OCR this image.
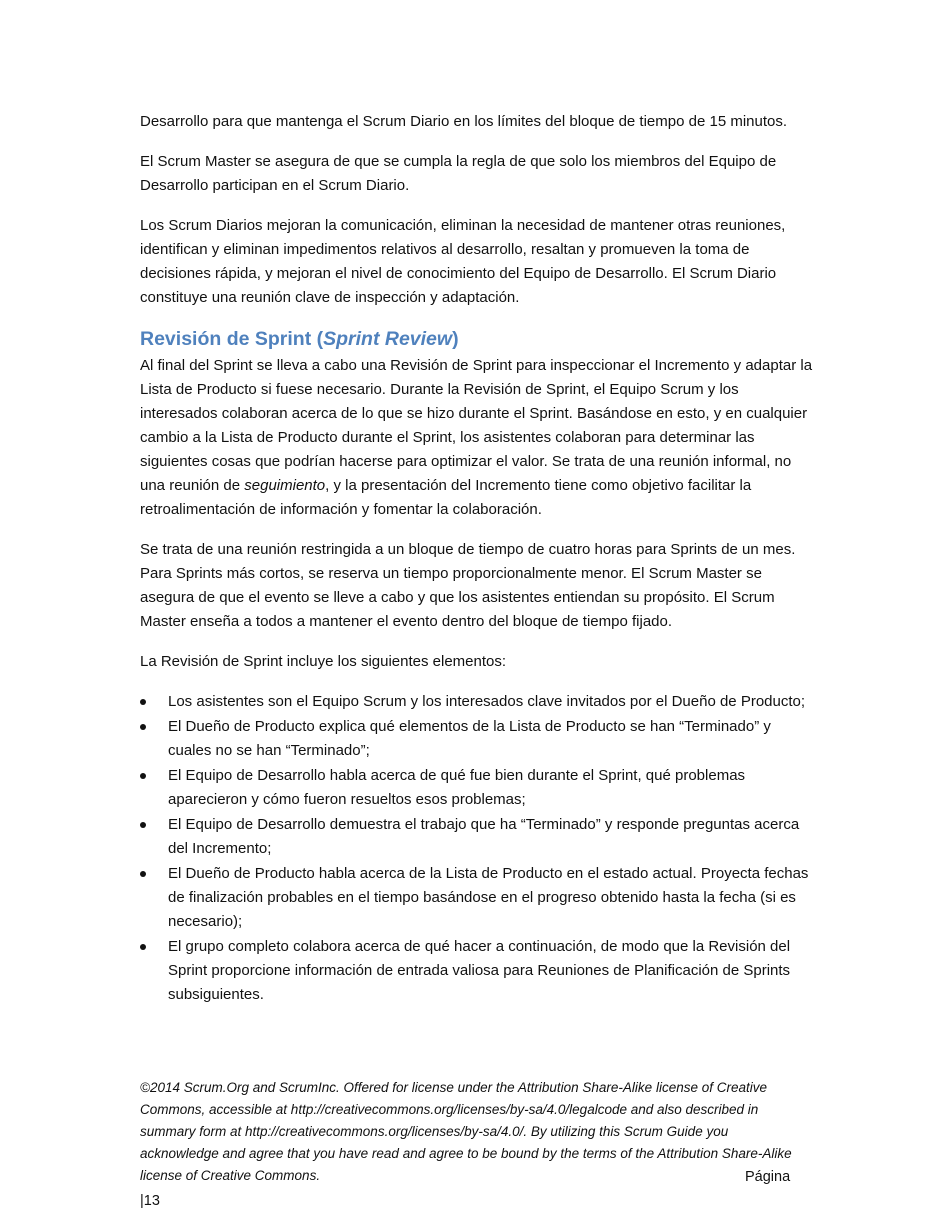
Desarrollo para que mantenga el Scrum Diario en los límites del bloque de tiempo de 15 minutos.

El Scrum Master se asegura de que se cumpla la regla de que solo los miembros del Equipo de Desarrollo participan en el Scrum Diario.

Los Scrum Diarios mejoran la comunicación, eliminan la necesidad de mantener otras reuniones, identifican y eliminan impedimentos relativos al desarrollo, resaltan y promueven la toma de decisiones rápida, y mejoran el nivel de conocimiento del Equipo de Desarrollo. El Scrum Diario constituye una reunión clave de inspección y adaptación.

Revisión de Sprint (Sprint Review)

Al final del Sprint se lleva a cabo una Revisión de Sprint para inspeccionar el Incremento y adaptar la Lista de Producto si fuese necesario. Durante la Revisión de Sprint, el Equipo Scrum y los interesados colaboran acerca de lo que se hizo durante el Sprint. Basándose en esto, y en cualquier cambio a la Lista de Producto durante el Sprint, los asistentes colaboran para determinar las siguientes cosas que podrían hacerse para optimizar el valor. Se trata de una reunión informal, no una reunión de seguimiento, y la presentación del Incremento tiene como objetivo facilitar la retroalimentación de información y fomentar la colaboración.

Se trata de una reunión restringida a un bloque de tiempo de cuatro horas para Sprints de un mes. Para Sprints más cortos, se reserva un tiempo proporcionalmente menor. El Scrum Master se asegura de que el evento se lleve a cabo y que los asistentes entiendan su propósito. El Scrum Master enseña a todos a mantener el evento dentro del bloque de tiempo fijado.

La Revisión de Sprint incluye los siguientes elementos:

Los asistentes son el Equipo Scrum y los interesados clave invitados por el Dueño de Producto;
El Dueño de Producto explica qué elementos de la Lista de Producto se han “Terminado” y cuales no se han “Terminado”;
El Equipo de Desarrollo habla acerca de qué fue bien durante el Sprint, qué problemas aparecieron y cómo fueron resueltos esos problemas;
El Equipo de Desarrollo demuestra el trabajo que ha “Terminado” y responde preguntas acerca del Incremento;
El Dueño de Producto habla acerca de la Lista de Producto en el estado actual. Proyecta fechas de finalización probables en el tiempo basándose en el progreso obtenido hasta la fecha (si es necesario);
El grupo completo colabora acerca de qué hacer a continuación, de modo que la Revisión del Sprint proporcione información de entrada valiosa para Reuniones de Planificación de Sprints subsiguientes.
©2014 Scrum.Org and ScrumInc. Offered for license under the Attribution Share-Alike license of Creative Commons, accessible at http://creativecommons.org/licenses/by-sa/4.0/legalcode and also described in summary form at http://creativecommons.org/licenses/by-sa/4.0/. By utilizing this Scrum Guide you acknowledge and agree that you have read and agree to be bound by the terms of the Attribution Share-Alike license of Creative Commons.	Página
|13
